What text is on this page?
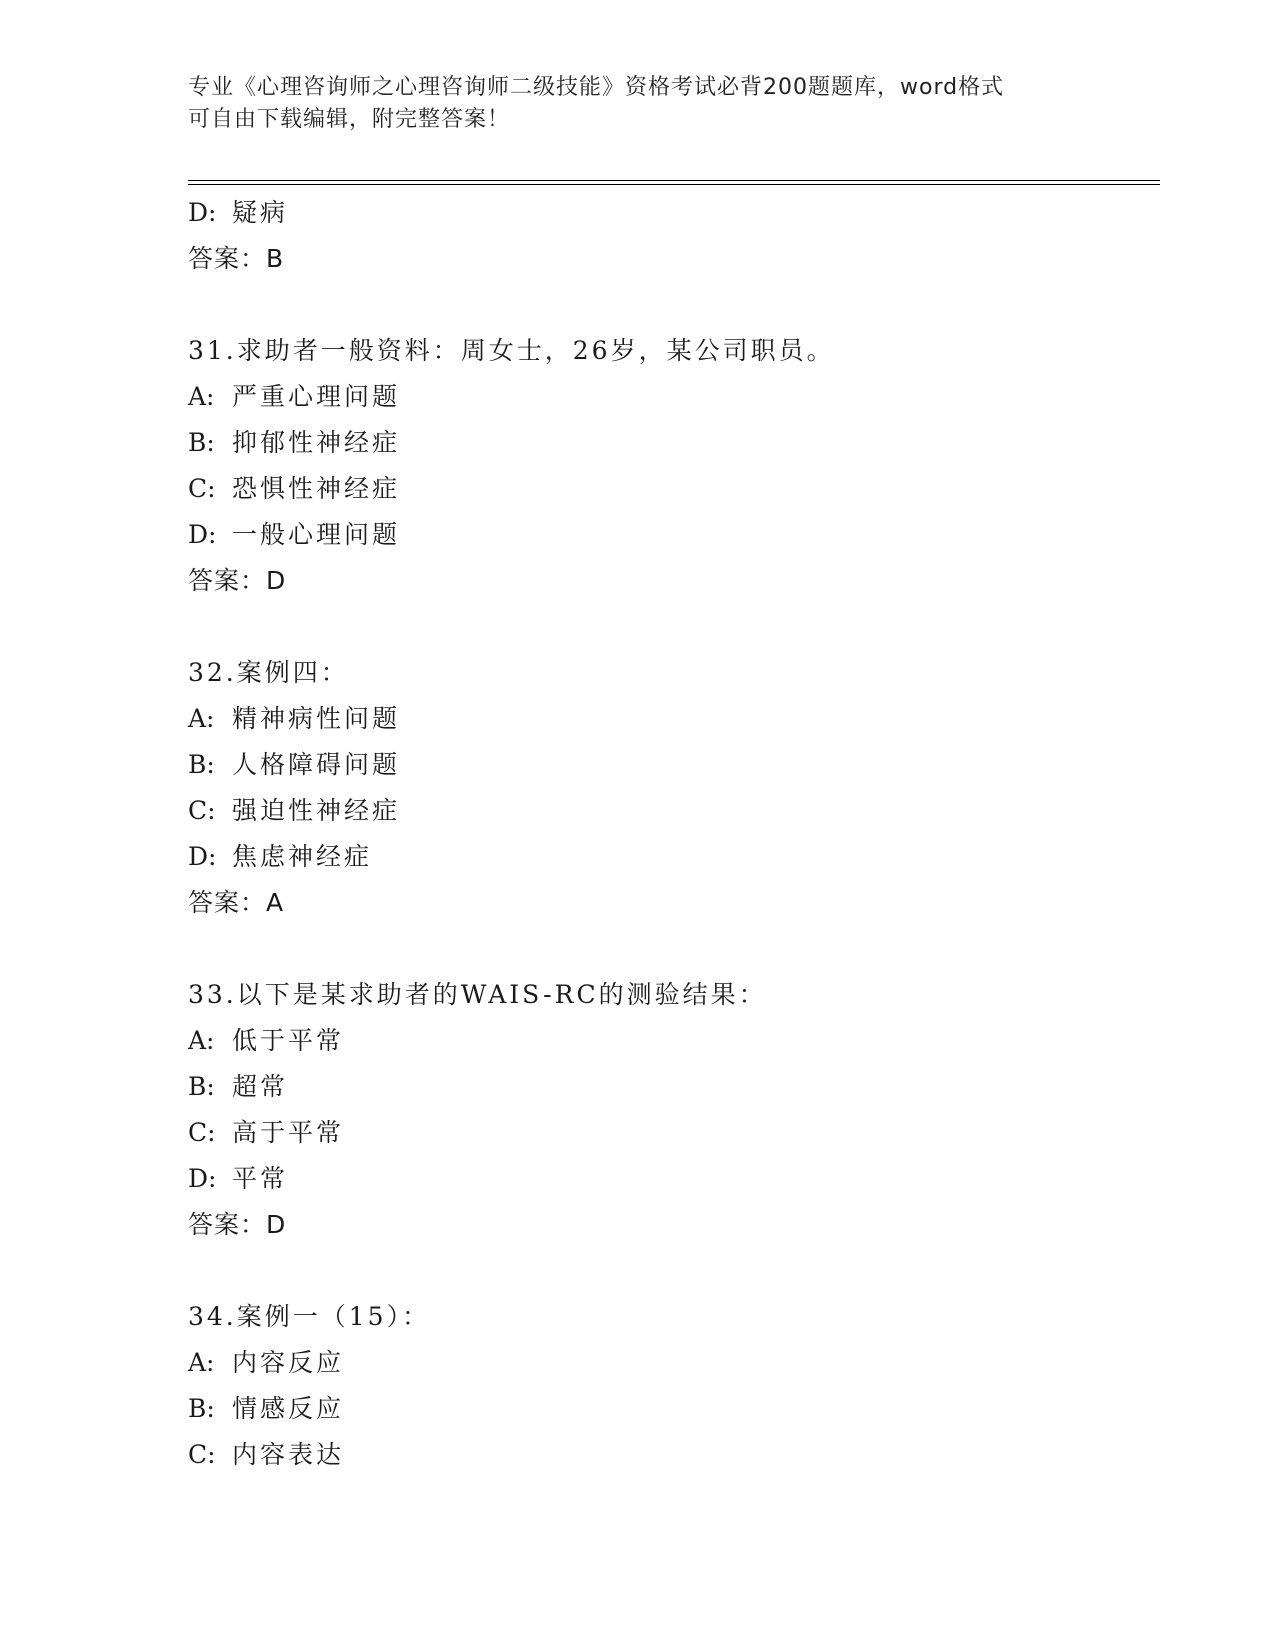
专业《心理咨询师之心理咨询师二级技能》资格考试必背200题题库，word格式
可自由下载编辑，附完整答案！
D: 疑病
答案：B
31.求助者一般资料：周女士，26岁，某公司职员。
A: 严重心理问题
B: 抑郁性神经症
C: 恐惧性神经症
D: 一般心理问题
答案：D
32.案例四：
A: 精神病性问题
B: 人格障碍问题
C: 强迫性神经症
D: 焦虑神经症
答案：A
33.以下是某求助者的WAIS-RC的测验结果：
A: 低于平常
B: 超常
C: 高于平常
D: 平常
答案：D
34.案例一（15）：
A: 内容反应
B: 情感反应
C: 内容表达
